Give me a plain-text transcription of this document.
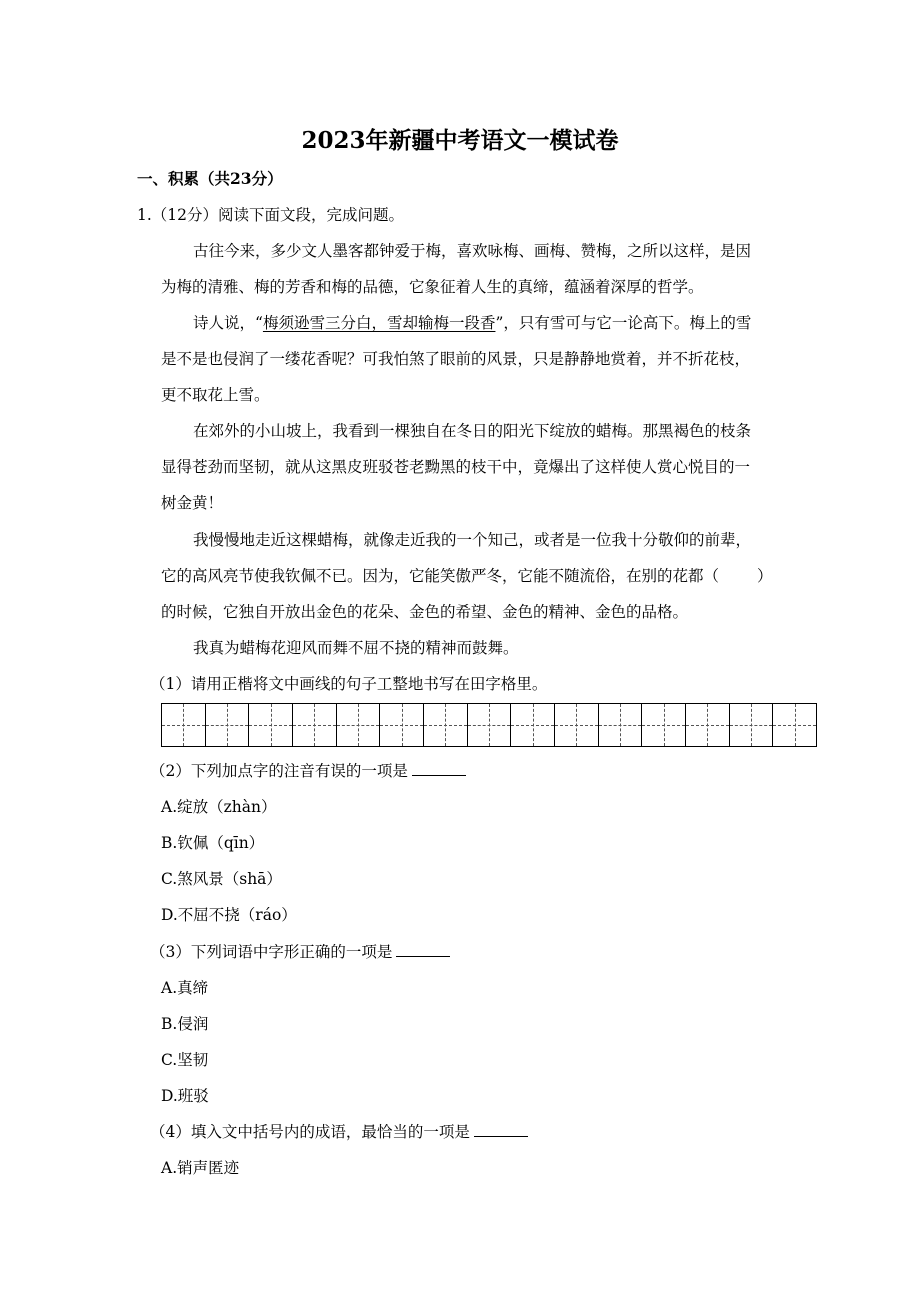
2023年新疆中考语文一模试卷
一、积累（共23分）
1.（12分）阅读下面文段，完成问题。
古往今来，多少文人墨客都钟爱于梅，喜欢咏梅、画梅、赞梅，之所以这样，是因
为梅的清雅、梅的芳香和梅的品德，它象征着人生的真缔，蕴涵着深厚的哲学。
诗人说，“梅须逊雪三分白，雪却输梅一段香”，只有雪可与它一论高下。梅上的雪
是不是也侵润了一缕花香呢？可我怕煞了眼前的风景，只是静静地赏着，并不折花枝，
更不取花上雪。
在郊外的小山坡上，我看到一棵独自在冬日的阳光下绽放的蜡梅。那黑褐色的枝条
显得苍劲而坚韧，就从这黑皮班驳苍老黝黑的枝干中，竟爆出了这样使人赏心悦目的一
树金黄！
我慢慢地走近这棵蜡梅，就像走近我的一个知己，或者是一位我十分敬仰的前辈，
它的高风亮节使我钦佩不已。因为，它能笑傲严冬，它能不随流俗，在别的花都（ ）
的时候，它独自开放出金色的花朵、金色的希望、金色的精神、金色的品格。
我真为蜡梅花迎风而舞不屈不挠的精神而鼓舞。
（1）请用正楷将文中画线的句子工整地书写在田字格里。
（2）下列加点字的注音有误的一项是
A.绽放（zhàn）
B.钦佩（qīn）
C.煞风景（shā）
D.不屈不挠（ráo）
（3）下列词语中字形正确的一项是
A.真缔
B.侵润
C.坚韧
D.班驳
（4）填入文中括号内的成语，最恰当的一项是
A.销声匿迹
